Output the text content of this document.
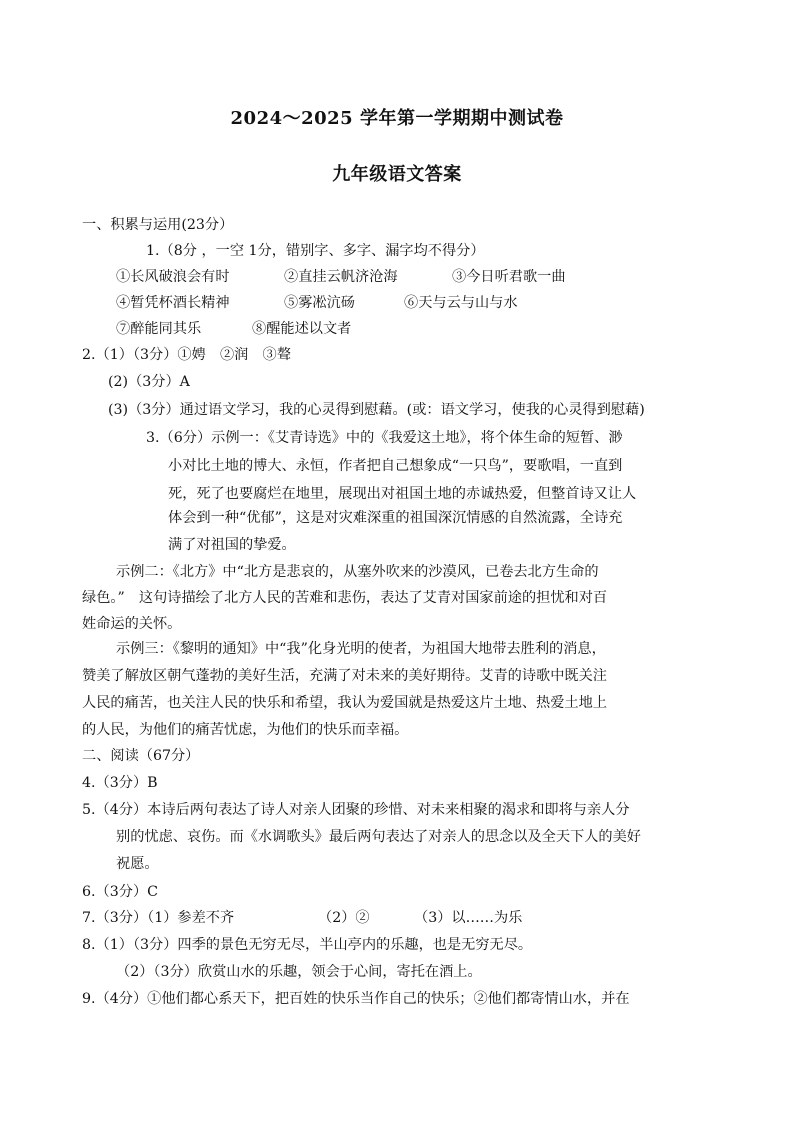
2024～2025 学年第一学期期中测试卷
九年级语文答案
一、积累与运用(23分）
1.（8分 ，一空 1分，错别字、多字、漏字均不得分）
①长风破浪会有时	②直挂云帆济沧海	③今日听君歌一曲
④暂凭杯酒长精神	⑤雾凇沆砀	⑥天与云与山与水
⑦醉能同其乐	⑧醒能述以文者
2.（1）（3分）①娉　②润　③聱
(2)（3分）A
(3)（3分）通过语文学习，我的心灵得到慰藉。(或：语文学习，使我的心灵得到慰藉)
3.（6分）示例一：《艾青诗选》中的《我爱这土地》，将个体生命的短暂、渺
小对比土地的博大、永恒，作者把自己想象成“一只鸟”，要歌唱，一直到
死，死了也要腐烂在地里，展现出对祖国土地的赤诚热爱，但整首诗又让人
体会到一种“优郁”，这是对灾难深重的祖国深沉情感的自然流露，全诗充
满了对祖国的挚爱。
示例二：《北方》中“北方是悲哀的，从塞外吹来的沙漠风，已卷去北方生命的
绿色。”　这句诗描绘了北方人民的苦难和悲伤，表达了艾青对国家前途的担忧和对百
姓命运的关怀。
示例三：《黎明的通知》中“我”化身光明的使者，为祖国大地带去胜利的消息，
赞美了解放区朝气蓬勃的美好生活，充满了对未来的美好期待。艾青的诗歌中既关注
人民的痛苦，也关注人民的快乐和希望，我认为爱国就是热爱这片土地、热爱土地上
的人民，为他们的痛苦忧虑，为他们的快乐而幸福。
二、阅读（67分）
4.（3分）B
5.（4分）本诗后两句表达了诗人对亲人团聚的珍惜、对未来相聚的渴求和即将与亲人分
别的忧虑、哀伤。而《水调歌头》最后两句表达了对亲人的思念以及全天下人的美好
祝愿。
6.（3分）C
7.（3分）（1）参差不齐	（2）②	（3）以……为乐
8.（1）（3分）四季的景色无穷无尽，半山亭内的乐趣，也是无穷无尽。
（2）（3分）欣赏山水的乐趣，领会于心间，寄托在酒上。
9.（4分）①他们都心系天下，把百姓的快乐当作自己的快乐；②他们都寄情山水，并在
